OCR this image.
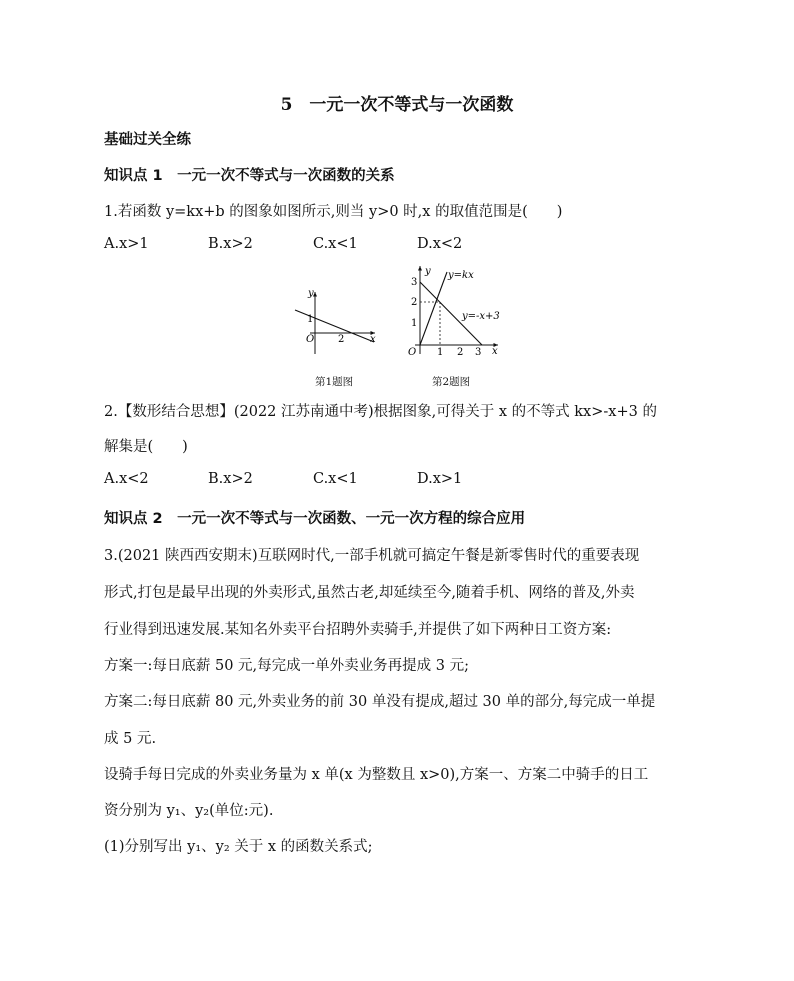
5　一元一次不等式与一次函数
基础过关全练
知识点 1　一元一次不等式与一次函数的关系
1.若函数 y=kx+b 的图象如图所示,则当 y>0 时,x 的取值范围是(　　)
A.x>1	B.x>2	C.x<1	D.x<2
y
x
O
1
2
第1题图
y
x
O
y=kx
y=-x+3
3
2
1
1 2 3
第2题图
2.【数形结合思想】(2022 江苏南通中考)根据图象,可得关于 x 的不等式 kx>-x+3 的
解集是(　　)
A.x<2	B.x>2	C.x<1	D.x>1
知识点 2　一元一次不等式与一次函数、一元一次方程的综合应用
3.(2021 陕西西安期末)互联网时代,一部手机就可搞定午餐是新零售时代的重要表现
形式,打包是最早出现的外卖形式,虽然古老,却延续至今,随着手机、网络的普及,外卖
行业得到迅速发展.某知名外卖平台招聘外卖骑手,并提供了如下两种日工资方案:
方案一:每日底薪 50 元,每完成一单外卖业务再提成 3 元;
方案二:每日底薪 80 元,外卖业务的前 30 单没有提成,超过 30 单的部分,每完成一单提
成 5 元.
设骑手每日完成的外卖业务量为 x 单(x 为整数且 x>0),方案一、方案二中骑手的日工
资分别为 y₁、y₂(单位:元).
(1)分别写出 y₁、y₂ 关于 x 的函数关系式;
